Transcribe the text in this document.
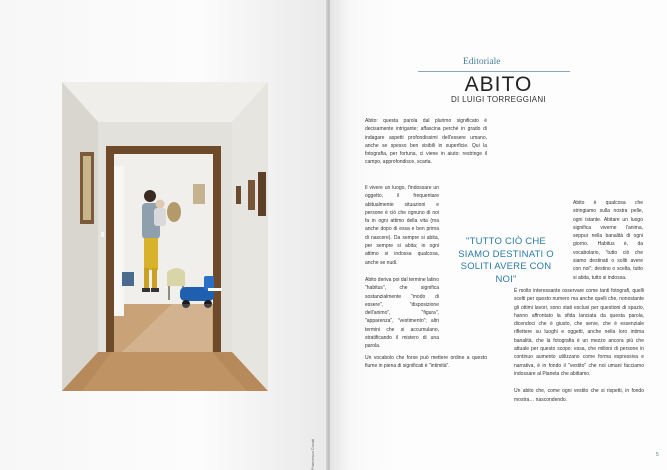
Francesca Cocati
Editoriale
ABITO
DI LUIGI TORREGGIANI

Abito: questa parola dal plurimo significato è decisamente intrigante; affascina perché in grado di indagare aspetti profondissimi dell'essere umano, anche se spesso ben visibili in superficie. Qui la fotografia, per fortuna, ci viene in aiuto: restringe il campo, approfondisce, scarta.

Il vivere un luogo, l'indossare un oggetto, il frequentare abitualmente situazioni e persone è ciò che ognuno di noi fa in ogni attimo della vita (ma anche dopo di essa e ben prima di nascere). Da sempre si abita, per sempre si abita; in ogni attimo si indossa qualcosa, anche se nudi.

Abito deriva poi dal termine latino "habitus", che significa sostanzialmente "modo di essere", "disposizione dell'animo", "figura", "apparenza", "vestimento"; altri termini che si accumulano, stratificando il mistero di una parola.

Un vocabolo che forse può mettere ordine a questo fiume in piena di significati è "intimità".

"TUTTO CIÒ CHE SIAMO DESTINATI O SOLITI AVERE CON NOI"

Abito è qualcosa che stringiamo sulla nostra pelle, ogni istante. Abitare un luogo significa viverne l'anima, seppur nella banalità di ogni giorno. Habitus è, da vocabolario, "tutto ciò che siamo destinati o soliti avere con noi"; destino o scelta, tutto si abita, tutto si indossa.

È molto interessante osservare come tanti fotografi, quelli scelti per questo numero ma anche quelli che, nonostante gli ottimi lavori, sono stati esclusi per questioni di spazio, hanno affrontato la sfida lanciata da questa parola, dicendoci che è giusto, che serve, che è essenziale riflettere su luoghi e oggetti, anche nella loro intima banalità, che la fotografia è un mezzo ancora più che attuale per questo scopo: essa, che milioni di persone in continuo aumento utilizzano come forma espressiva e narrativa, è in fondo il "vestito" che noi umani facciamo indossare al Pianeta che abitiamo.

Un abito che, come ogni vestito che si rispetti, in fondo mostra… nascondendo.

5
